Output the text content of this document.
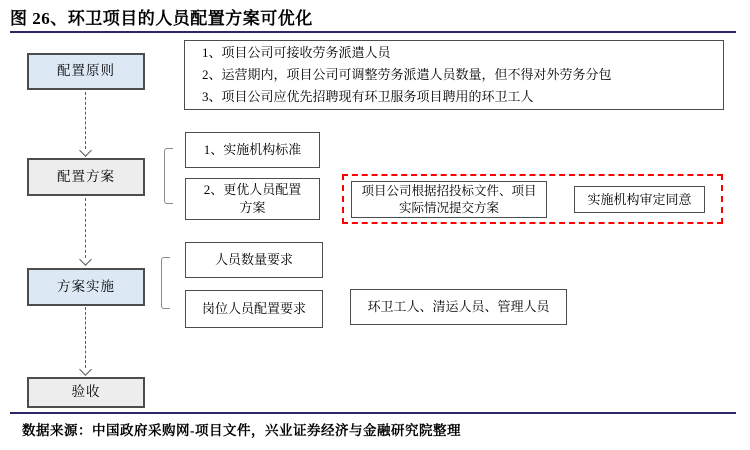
图 26、环卫项目的人员配置方案可优化
数据来源：中国政府采购网-项目文件，兴业证券经济与金融研究院整理
1、项目公司可接收劳务派遣人员
2、运营期内，项目公司可调整劳务派遣人员数量，但不得对外劳务分包
3、项目公司应优先招聘现有环卫服务项目聘用的环卫工人
配置原则
配置方案
方案实施
验收
1、实施机构标准
2、更优人员配置方案
项目公司根据招投标文件、项目实际情况提交方案
实施机构审定同意
人员数量要求
岗位人员配置要求	环卫工人、清运人员、管理人员
